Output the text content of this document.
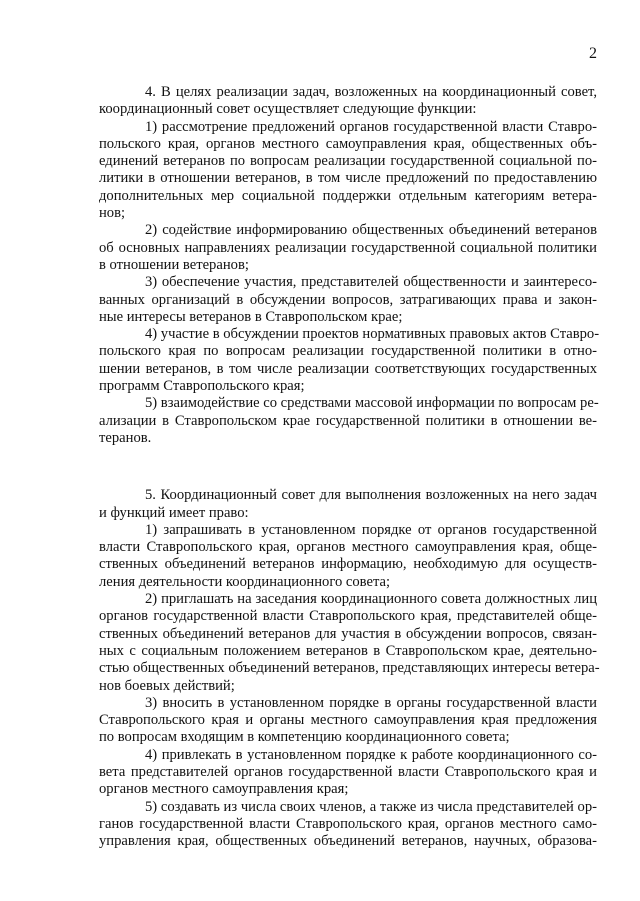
2
4. В целях реализации задач, возложенных на координационный совет,
координационный совет осуществляет следующие функции:
1) рассмотрение предложений органов государственной власти Ставро-
польского края, органов местного самоуправления края, общественных объ-
единений ветеранов по вопросам реализации государственной социальной по-
литики в отношении ветеранов, в том числе предложений по предоставлению
дополнительных мер социальной поддержки отдельным категориям ветера-
нов;
2) содействие информированию общественных объединений ветеранов
об основных направлениях реализации государственной социальной политики
в отношении ветеранов;
3) обеспечение участия, представителей общественности и заинтересо-
ванных организаций в обсуждении вопросов, затрагивающих права и закон-
ные интересы ветеранов в Ставропольском крае;
4) участие в обсуждении проектов нормативных правовых актов Ставро-
польского края по вопросам реализации государственной политики в отно-
шении ветеранов, в том числе реализации соответствующих государственных
программ Ставропольского края;
5) взаимодействие со средствами массовой информации по вопросам ре-
ализации в Ставропольском крае государственной политики в отношении ве-
теранов.
5. Координационный совет для выполнения возложенных на него задач
и функций имеет право:
1) запрашивать в установленном порядке от органов государственной
власти Ставропольского края, органов местного самоуправления края, обще-
ственных объединений ветеранов информацию, необходимую для осуществ-
ления деятельности координационного совета;
2) приглашать на заседания координационного совета должностных лиц
органов государственной власти Ставропольского края, представителей обще-
ственных объединений ветеранов для участия в обсуждении вопросов, связан-
ных с социальным положением ветеранов в Ставропольском крае, деятельно-
стью общественных объединений ветеранов, представляющих интересы ветера-
нов боевых действий;
3) вносить в установленном порядке в органы государственной власти
Ставропольского края и органы местного самоуправления края предложения
по вопросам входящим в компетенцию координационного совета;
4) привлекать в установленном порядке к работе координационного со-
вета представителей органов государственной власти Ставропольского края и
органов местного самоуправления края;
5) создавать из числа своих членов, а также из числа представителей ор-
ганов государственной власти Ставропольского края, органов местного само-
управления края, общественных объединений ветеранов, научных, образова-
